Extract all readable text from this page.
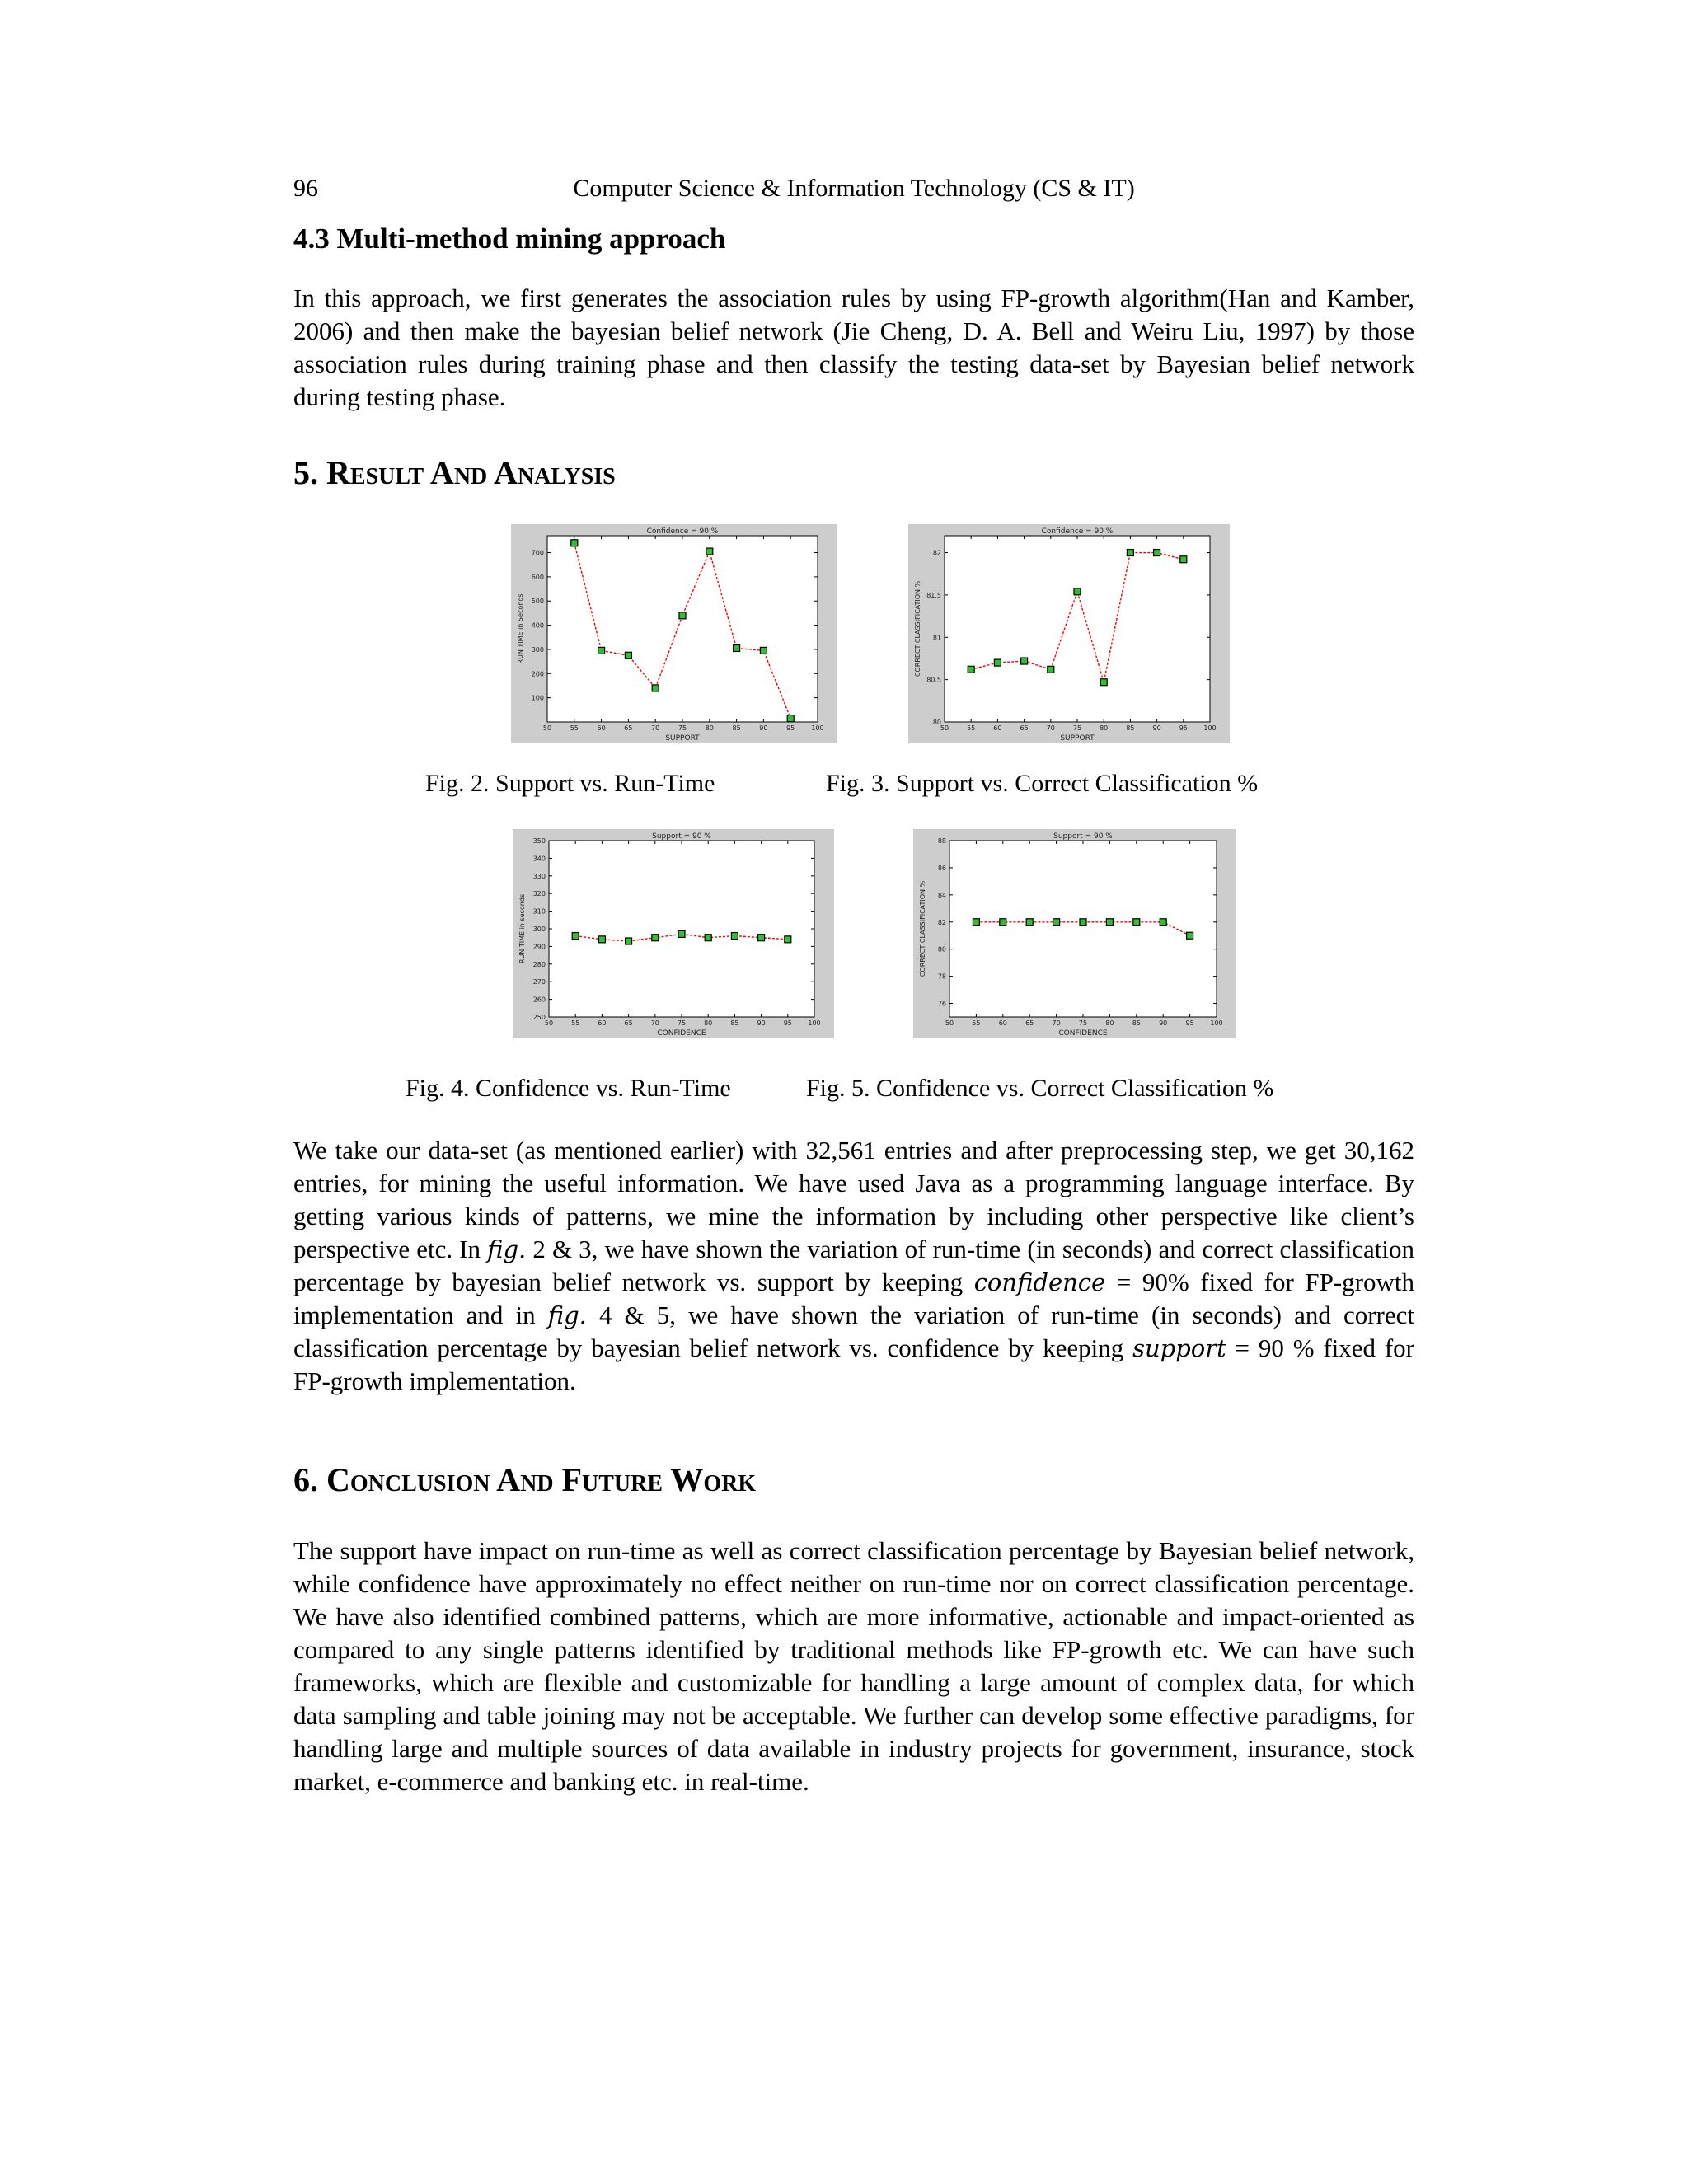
96	Computer Science & Information Technology (CS & IT)
4.3 Multi-method mining approach

In this approach, we first generates the association rules by using FP-growth algorithm(Han and Kamber, 2006) and then make the bayesian belief network (Jie Cheng, D. A. Bell and Weiru Liu, 1997) by those association rules during training phase and then classify the testing data-set by Bayesian belief network during testing phase.

5. Result And Analysis
Confidence = 90 %
50	55	60	65	70	75	80	85	90	95	100
100
200
300
400
500
600
700
SUPPORT
RUN TIME in Seconds
Confidence = 90 %
50	55	60	65	70	75	80	85	90	95 100
80
80.5
81
81.5
82
SUPPORT
CORRECT CLASSIFICATION %
Fig. 2. Support vs. Run-Time	Fig. 3. Support vs. Correct Classification %
Support = 90 %
50	55	60	65	70	75	80	85	90	95 100
250
260
270
280
290
300
310
320
330
340
350
CONFIDENCE
RUN TIME in seconds
Support = 90 %
50	55	60	65	70	75	80	85	90	95 100
76
78
80
82
84
86
88
CONFIDENCE
CORRECT CLASSIFICATION %
Fig. 4. Confidence vs. Run-Time	Fig. 5. Confidence vs. Correct Classification %

We take our data-set (as mentioned earlier) with 32,561 entries and after preprocessing step, we get 30,162 entries, for mining the useful information. We have used Java as a programming language interface. By getting various kinds of patterns, we mine the information by including other perspective like client’s perspective etc. In fig. 2 & 3, we have shown the variation of run-time (in seconds) and correct classification percentage by bayesian belief network vs. support by keeping confidence = 90% fixed for FP-growth implementation and in fig. 4 & 5, we have shown the variation of run-time (in seconds) and correct classification percentage by bayesian belief network vs. confidence by keeping support = 90 % fixed for FP-growth implementation.

6. Conclusion And Future Work

The support have impact on run-time as well as correct classification percentage by Bayesian belief network, while confidence have approximately no effect neither on run-time nor on correct classification percentage. We have also identified combined patterns, which are more informative, actionable and impact-oriented as compared to any single patterns identified by traditional methods like FP-growth etc. We can have such frameworks, which are flexible and customizable for handling a large amount of complex data, for which data sampling and table joining may not be acceptable. We further can develop some effective paradigms, for handling large and multiple sources of data available in industry projects for government, insurance, stock market, e-commerce and banking etc. in real-time.
